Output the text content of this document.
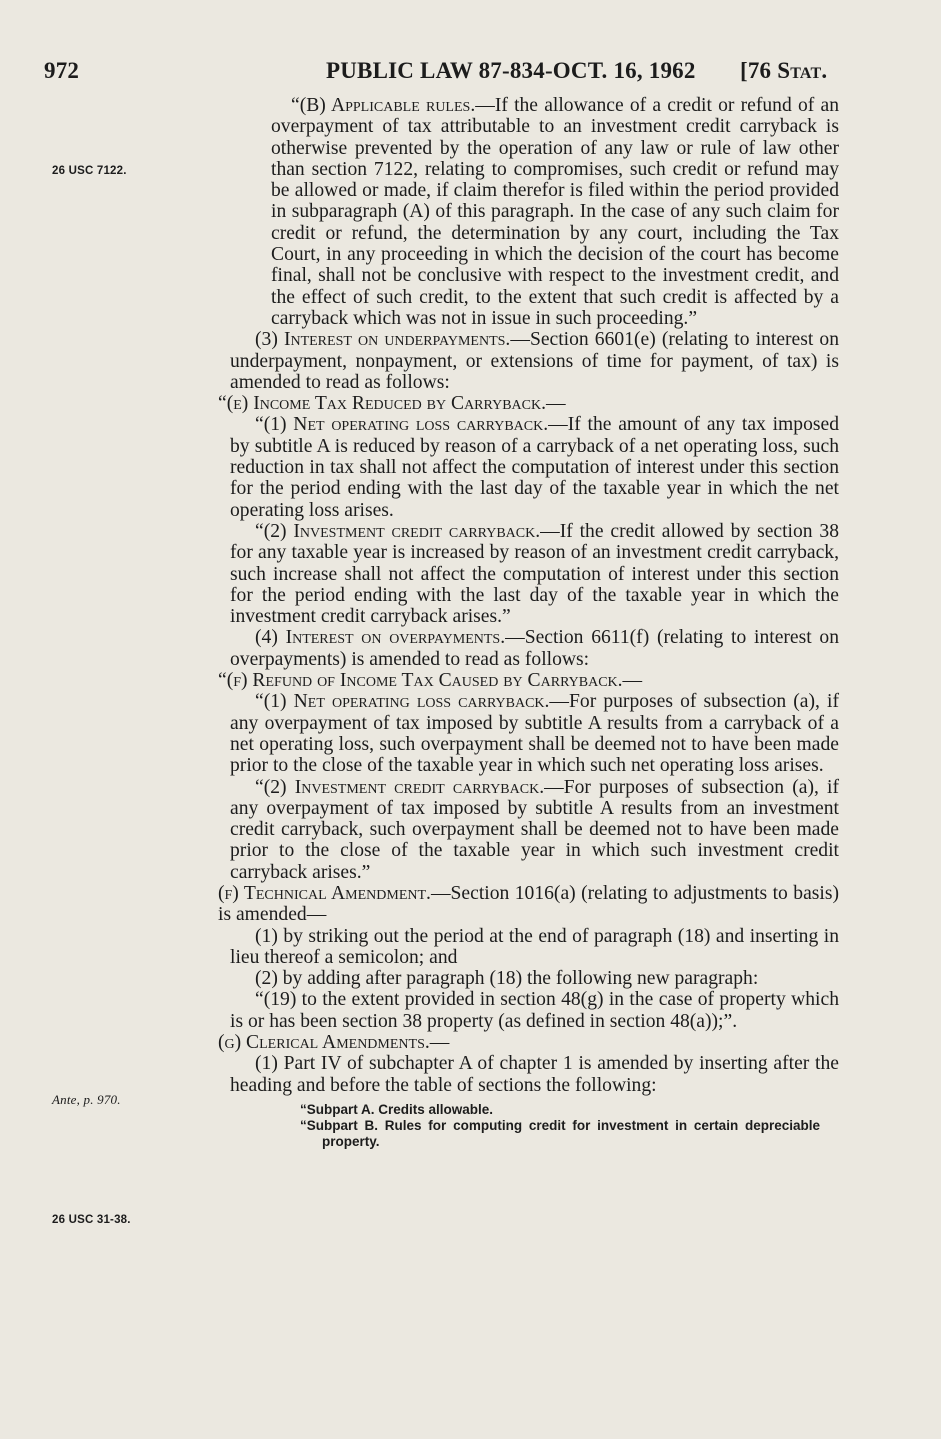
972	PUBLIC LAW 87-834-OCT. 16, 1962 [76 Stat.
26 USC 7122.
Ante, p. 970.
26 USC 31-38.

“(B) Applicable rules.—If the allowance of a credit or refund of an overpayment of tax attributable to an investment credit carryback is otherwise prevented by the operation of any law or rule of law other than section 7122, relating to compromises, such credit or refund may be allowed or made, if claim therefor is filed within the period provided in subparagraph (A) of this paragraph. In the case of any such claim for credit or refund, the determination by any court, including the Tax Court, in any proceeding in which the decision of the court has become final, shall not be conclusive with respect to the investment credit, and the effect of such credit, to the extent that such credit is affected by a carryback which was not in issue in such proceeding.”

(3) Interest on underpayments.—Section 6601(e) (relating to interest on underpayment, nonpayment, or extensions of time for payment, of tax) is amended to read as follows:

“(e) Income Tax Reduced by Carryback.—

“(1) Net operating loss carryback.—If the amount of any tax imposed by subtitle A is reduced by reason of a carryback of a net operating loss, such reduction in tax shall not affect the computation of interest under this section for the period ending with the last day of the taxable year in which the net operating loss arises.

“(2) Investment credit carryback.—If the credit allowed by section 38 for any taxable year is increased by reason of an investment credit carryback, such increase shall not affect the computation of interest under this section for the period ending with the last day of the taxable year in which the investment credit carryback arises.”

(4) Interest on overpayments.—Section 6611(f) (relating to interest on overpayments) is amended to read as follows:

“(f) Refund of Income Tax Caused by Carryback.—

“(1) Net operating loss carryback.—For purposes of subsection (a), if any overpayment of tax imposed by subtitle A results from a carryback of a net operating loss, such overpayment shall be deemed not to have been made prior to the close of the taxable year in which such net operating loss arises.

“(2) Investment credit carryback.—For purposes of subsection (a), if any overpayment of tax imposed by subtitle A results from an investment credit carryback, such overpayment shall be deemed not to have been made prior to the close of the taxable year in which such investment credit carryback arises.”

(f) Technical Amendment.—Section 1016(a) (relating to adjustments to basis) is amended—

(1) by striking out the period at the end of paragraph (18) and inserting in lieu thereof a semicolon; and

(2) by adding after paragraph (18) the following new paragraph:

“(19) to the extent provided in section 48(g) in the case of property which is or has been section 38 property (as defined in section 48(a));”.

(g) Clerical Amendments.—

(1) Part IV of subchapter A of chapter 1 is amended by inserting after the heading and before the table of sections the following:

“Subpart A. Credits allowable.
“Subpart B. Rules for computing credit for investment in certain depreciable property.
